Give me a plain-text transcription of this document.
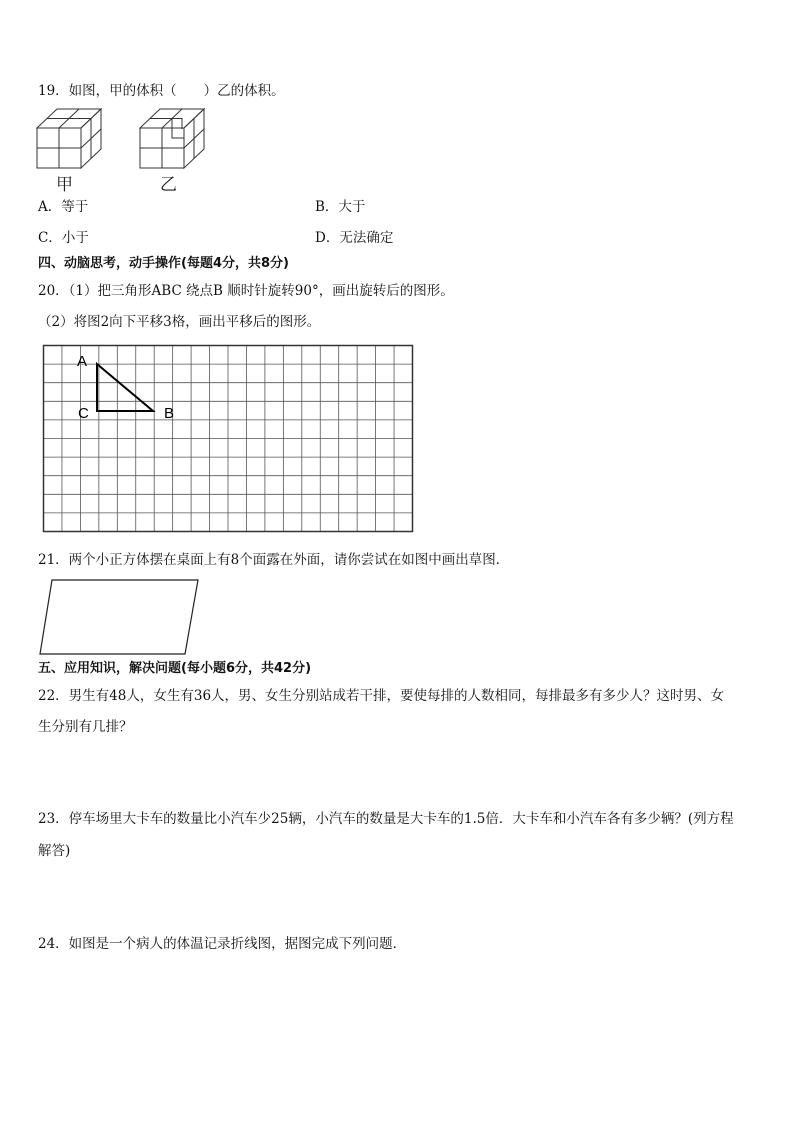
19．如图，甲的体积（　　）乙的体积。
甲	乙
A．等于	B．大于
C．小于	D．无法确定
四、动脑思考，动手操作(每题4分，共8分)
20．（1）把三角形ABC 绕点B 顺时针旋转90°，画出旋转后的图形。
（2）将图2向下平移3格，画出平移后的图形。
A
C	B
21．两个小正方体摆在桌面上有8个面露在外面，请你尝试在如图中画出草图．
五、应用知识，解决问题(每小题6分，共42分)
22．男生有48人，女生有36人，男、女生分别站成若干排，要使每排的人数相同，每排最多有多少人？这时男、女
生分别有几排？
23．停车场里大卡车的数量比小汽车少25辆，小汽车的数量是大卡车的1.5倍．大卡车和小汽车各有多少辆？(列方程
解答)
24．如图是一个病人的体温记录折线图，据图完成下列问题．
